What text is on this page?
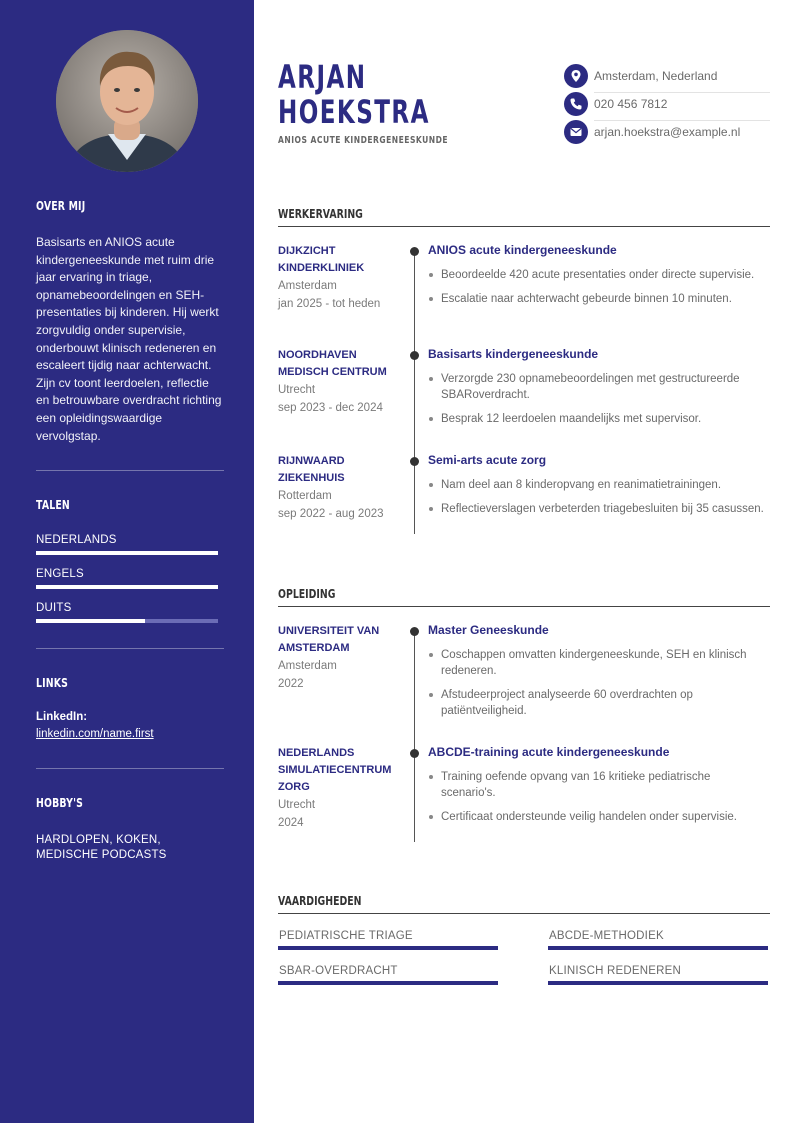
OVER MIJ

Basisarts en ANIOS acute kindergeneeskunde met ruim drie jaar ervaring in triage, opnamebeoordelingen en SEH-presentaties bij kinderen. Hij werkt zorgvuldig onder supervisie, onderbouwt klinisch redeneren en escaleert tijdig naar achterwacht. Zijn cv toont leerdoelen, reflectie en betrouwbare overdracht richting een opleidingswaardige vervolgstap.

TALEN
NEDERLANDS
ENGELS
DUITS
LINKS
LinkedIn:
linkedin.com/name.first
HOBBY'S
HARDLOPEN, KOKEN,
MEDISCHE PODCASTS
ARJAN
HOEKSTRA
ANIOS ACUTE KINDERGENEESKUNDE
Amsterdam, Nederland
020 456 7812
arjan.hoekstra@example.nl
WERKERVARING
DIJKZICHT
KINDERKLINIEK
Amsterdam
jan 2025 - tot heden
ANIOS acute kindergeneeskunde
Beoordeelde 420 acute presentaties onder directe supervisie.
Escalatie naar achterwacht gebeurde binnen 10 minuten.
NOORDHAVEN
MEDISCH CENTRUM
Utrecht
sep 2023 - dec 2024
Basisarts kindergeneeskunde
Verzorgde 230 opnamebeoordelingen met gestructureerde SBARoverdracht.
Besprak 12 leerdoelen maandelijks met supervisor.
RIJNWAARD
ZIEKENHUIS
Rotterdam
sep 2022 - aug 2023
Semi-arts acute zorg
Nam deel aan 8 kinderopvang en reanimatietrainingen.
Reflectieverslagen verbeterden triagebesluiten bij 35 casussen.
OPLEIDING
UNIVERSITEIT VAN
AMSTERDAM
Amsterdam
2022
Master Geneeskunde
Coschappen omvatten kindergeneeskunde, SEH en klinisch redeneren.
Afstudeerproject analyseerde 60 overdrachten op patiëntveiligheid.
NEDERLANDS
SIMULATIECENTRUM
ZORG
Utrecht
2024
ABCDE-training acute kindergeneeskunde
Training oefende opvang van 16 kritieke pediatrische scenario's.
Certificaat ondersteunde veilig handelen onder supervisie.
VAARDIGHEDEN
PEDIATRISCHE TRIAGE	ABCDE-METHODIEK
SBAR-OVERDRACHT	KLINISCH REDENEREN
